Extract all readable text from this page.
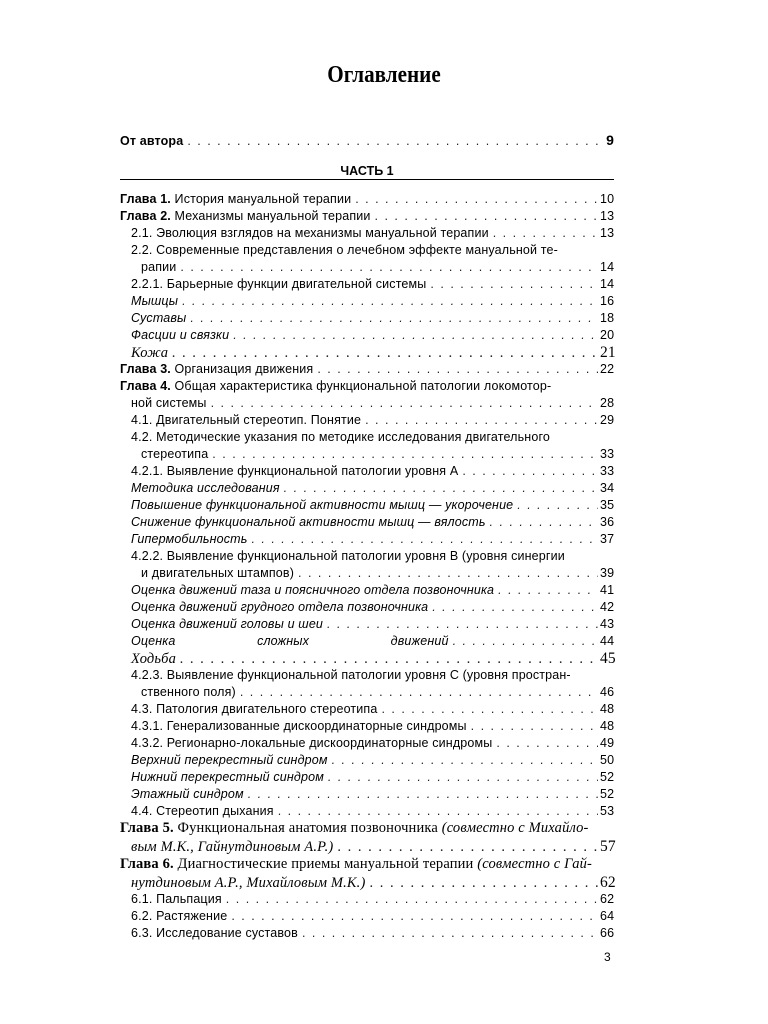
Оглавление
От автора . . .	9
ЧАСТЬ 1
Глава 1. История мануальной терапии . . .	10
Глава 2. Механизмы мануальной терапии . . .	13
2.1. Эволюция взглядов на механизмы мануальной терапии . . .	13
2.2. Современные представления о лечебном эффекте мануальной те-
рапии . . .	14
2.2.1. Барьерные функции двигательной системы . . .	14
Мышцы . . .	16
Суставы . . .	18
Фасции и связки . . .	20
Кожа . . .	21
Глава 3. Организация движения . . .	22
Глава 4. Общая характеристика функциональной патологии локомотор-
ной системы . . .	28
4.1. Двигательный стереотип. Понятие . . .	29
4.2. Методические указания по методике исследования двигательного
стереотипа . . .	33
4.2.1. Выявление функциональной патологии уровня А . . .	33
Методика исследования . . .	34
Повышение функциональной активности мышц — укорочение . . .	35
Снижение функциональной активности мышц — вялость . . .	36
Гипермобильность . . .	37
4.2.2. Выявление функциональной патологии уровня В (уровня синергии
и двигательных штампов) . . .	39
Оценка движений таза и поясничного отдела позвоночника . . .	41
Оценка движений грудного отдела позвоночника . . .	42
Оценка движений головы и шеи . . .	43
Оценка сложных движений . . .	44
Ходьба . . .	45
4.2.3. Выявление функциональной патологии уровня С (уровня простран-
ственного поля) . . .	46
4.3. Патология двигательного стереотипа . . .	48
4.3.1. Генерализованные дискоординаторные синдромы . . .	48
4.3.2. Регионарно-локальные дискоординаторные синдромы . . .	49
Верхний перекрестный синдром . . .	50
Нижний перекрестный синдром . . .	52
Этажный синдром . . .	52
4.4. Стереотип дыхания . . .	53
Глава 5. Функциональная анатомия позвоночника (совместно с Михайло-
вым М.К., Гайнутдиновым А.Р.) . . .	57
Глава 6. Диагностические приемы мануальной терапии (совместно с Гай-
нутдиновым А.Р., Михайловым М.К.) . . .	62
6.1. Пальпация . . .	62
6.2. Растяжение . . .	64
6.3. Исследование суставов . . .	66
3
